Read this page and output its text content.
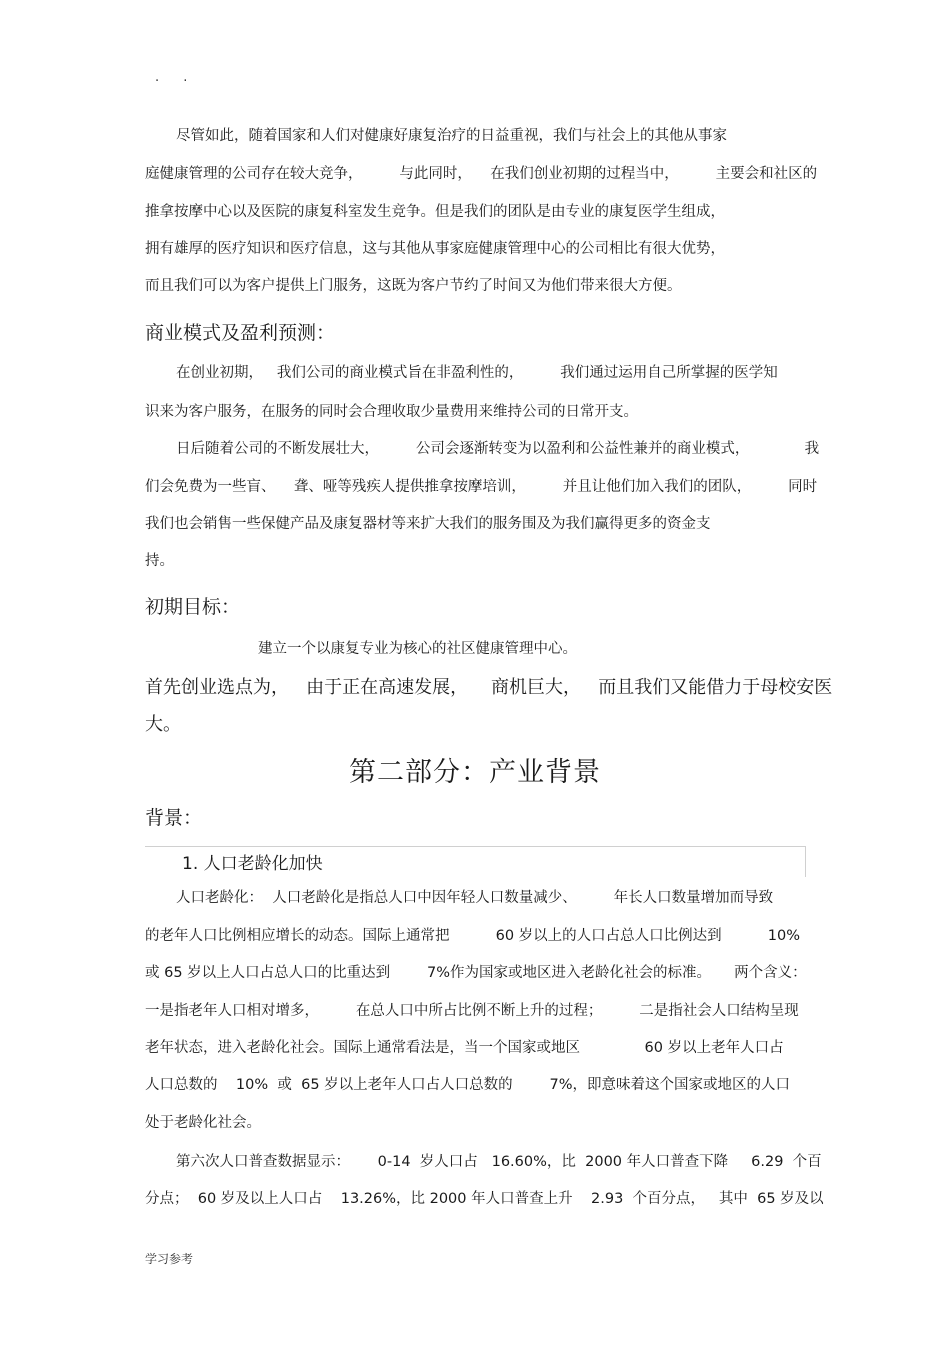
. .
尽管如此，随着国家和人们对健康好康复治疗的日益重视，我们与社会上的其他从事家
庭健康管理的公司存在较大竞争，        与此同时，    在我们创业初期的过程当中，        主要会和社区的
推拿按摩中心以及医院的康复科室发生竞争。但是我们的团队是由专业的康复医学生组成，
拥有雄厚的医疗知识和医疗信息，这与其他从事家庭健康管理中心的公司相比有很大优势，
而且我们可以为客户提供上门服务，这既为客户节约了时间又为他们带来很大方便。
商业模式及盈利预测：
在创业初期，   我们公司的商业模式旨在非盈利性的，        我们通过运用自己所掌握的医学知
识来为客户服务，在服务的同时会合理收取少量费用来维持公司的日常开支。
日后随着公司的不断发展壮大，        公司会逐渐转变为以盈利和公益性兼并的商业模式，            我
们会免费为一些盲、    聋、哑等残疾人提供推拿按摩培训，        并且让他们加入我们的团队，        同时
我们也会销售一些保健产品及康复器材等来扩大我们的服务围及为我们赢得更多的资金支
持。
初期目标：
建立一个以康复专业为核心的社区健康管理中心。
首先创业选点为，   由于正在高速发展，    商机巨大，   而且我们又能借力于母校安医
大。
第二部分：产业背景
背景：
1. 人口老龄化加快
人口老龄化：  人口老龄化是指总人口中因年轻人口数量减少、        年长人口数量增加而导致
的老年人口比例相应增长的动态。国际上通常把          60 岁以上的人口占总人口比例达到          10%
或 65 岁以上人口占总人口的比重达到        7%作为国家或地区进入老龄化社会的标准。     两个含义：
一是指老年人口相对增多，        在总人口中所占比例不断上升的过程；        二是指社会人口结构呈现
老年状态，进入老龄化社会。国际上通常看法是，当一个国家或地区              60 岁以上老年人口占
人口总数的    10%  或  65 岁以上老年人口占人口总数的        7%，即意味着这个国家或地区的人口
处于老龄化社会。
第六次人口普查数据显示：      0-14  岁人口占   16.60%，比  2000 年人口普查下降     6.29  个百
分点；  60 岁及以上人口占    13.26%，比 2000 年人口普查上升    2.93  个百分点，   其中  65 岁及以
学习参考
